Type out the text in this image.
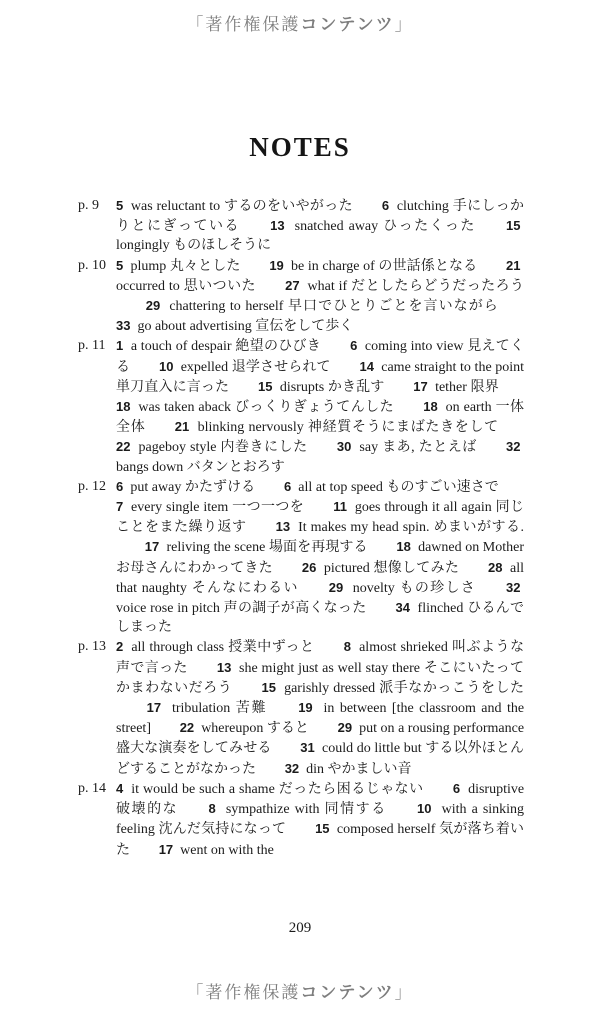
「著作権保護コンテンツ」
NOTES
p. 9	5 was reluctant to するのをいやがった 6 clutching 手にしっかりとにぎっている 13 snatched away ひったくった 15  longingly ものほしそうに
p. 10 5 plump 丸々とした 19 be in charge of の世話係となる 21  occurred to 思いついた 27 what if だとしたらどうだったろう 29 chattering to herself 早口でひとりごとを言いながら 33 go about advertising 宣伝をして歩く
p. 11 1 a touch of despair 絶望のひびき 6 coming into view 見えてくる 10 expelled 退学させられて 14 came straight to the point 単刀直入に言った 15 disrupts かき乱す 17 tether 限界 18 was taken aback びっくりぎょうてんした 18 on earth 一体全体 21 blinking nervously 神経質そうにまばたきをして 22 pageboy style 内巻きにした 30 say まあ, たとえば 32  bangs down バタンとおろす
p. 12 6 put away かたずける 6 all at top speed ものすごい速さで 7 every single item 一つ一つを 11 goes through it all again 同じことをまた繰り返す 13 It makes my head spin. めまいがする. 17 reliving the scene 場面を再現する 18 dawned on Mother お母さんにわかってきた 26 pictured 想像してみた 28 all that naughty そんなにわるい 29 novelty もの珍しさ 32  voice rose in pitch 声の調子が高くなった 34 flinched ひるんでしまった
p. 13 2 all through class 授業中ずっと 8 almost shrieked 叫ぶような声で言った 13 she might just as well stay there そこにいたってかまわないだろう 15 garishly dressed 派手なかっこうをした 17 tribulation 苦難 19 in between [the classroom and the street] 22 whereupon すると 29 put on a rousing performance 盛大な演奏をしてみせる 31 could do little but する以外ほとんどすることがなかった 32 din やかましい音
p. 14 4 it would be such a shame だったら困るじゃない 6 disruptive 破壊的な 8 sympathize with 同情する 10 with a sinking feeling 沈んだ気持になって 15 composed herself 気が落ち着いた 17 went on with the
209
「著作権保護コンテンツ」
